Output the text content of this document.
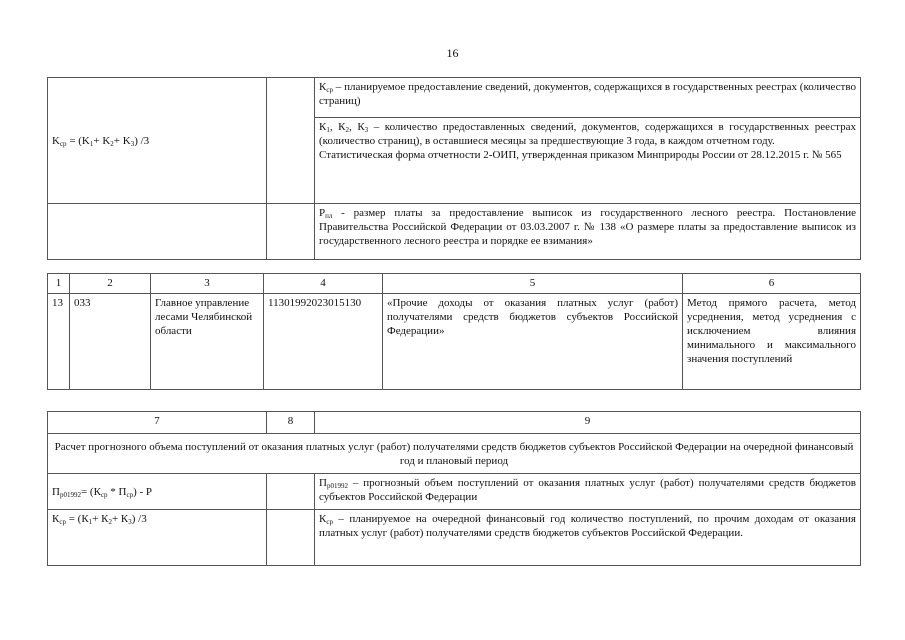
16
$K_{ср} = (K_1+ K_2+ K_3)$ /3		$К_{ср}$ – планируемое предоставление сведений, документов, содержащихся в государственных реестрах (количество страниц)
		$К_1$, $К_2$, $К_3$ – количество предоставленных сведений, документов, содержащихся в государственных реестрах (количество страниц), в оставшиеся месяцы за предшествующие 3 года, в каждом отчетном году.
Статистическая форма отчетности 2-ОИП, утвержденная приказом Минприроды России от 28.12.2015 г. № 565
		$Р_{пл}$ - размер платы за предоставление выписок из государственного лесного реестра. Постановление Правительства Российской Федерации от 03.03.2007 г. № 138 «О размере платы за предоставление выписок из государственного лесного реестра и порядке ее взимания»
1	2	3	4	5	6
13	033	Главное управление лесами Челябинской области	11301992023015130	«Прочие доходы от оказания платных услуг (работ) получателями средств бюджетов субъектов Российской Федерации»	Метод прямого расчета, метод усреднения, метод усреднения с исключением влияния минимального и максимального значения поступлений
7	8	9
Расчет прогнозного объема поступлений от оказания платных услуг (работ) получателями средств бюджетов субъектов Российской Федерации на очередной финансовый год и плановый период		
$П_{р01992}= (К_{ср} * П_{ср}) - Р$		$П_{р01992}$ – прогнозный объем поступлений от оказания платных услуг (работ) получателями средств бюджетов субъектов Российской Федерации
$К_{ср} = (К_1+ К_2+ К_3)$ /3		$К_{ср}$ – планируемое на очередной финансовый год количество поступлений, по прочим доходам от оказания платных услуг (работ) получателями средств бюджетов субъектов Российской Федерации.
